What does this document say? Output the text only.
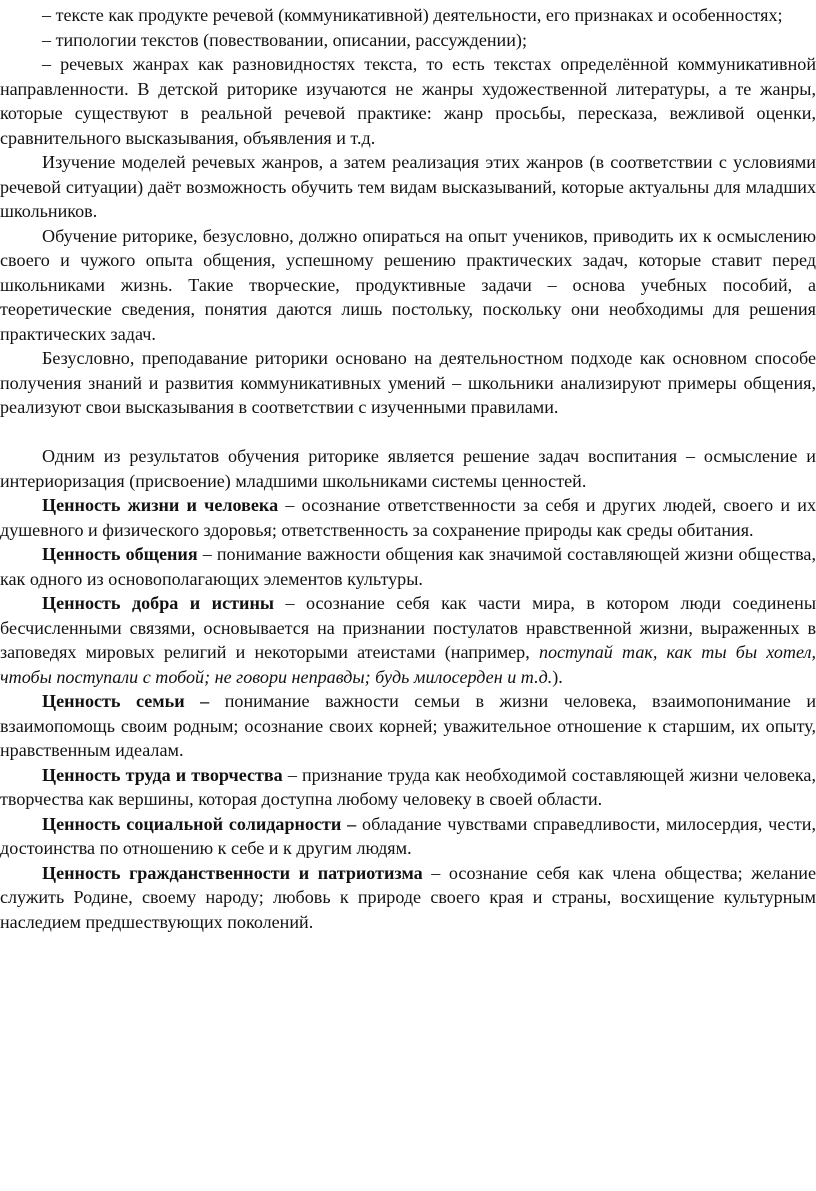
– тексте как продукте речевой (коммуникативной) деятельности, его признаках и особенностях;

– типологии текстов (повествовании, описании, рассуждении);

– речевых жанрах как разновидностях текста, то есть текстах определённой коммуникативной направленности. В детской риторике изучаются не жанры художественной литературы, а те жанры, которые существуют в реальной речевой практике: жанр просьбы, пересказа, вежливой оценки, сравнительного высказывания, объявления и т.д.

Изучение моделей речевых жанров, а затем реализация этих жанров (в соответствии с условиями речевой ситуации) даёт возможность обучить тем видам высказываний, которые актуальны для младших школьников.

Обучение риторике, безусловно, должно опираться на опыт учеников, приводить их к осмыслению своего и чужого опыта общения, успешному решению практических задач, которые ставит перед школьниками жизнь. Такие творческие, продуктивные задачи – основа учебных пособий, а теоретические сведения, понятия даются лишь постольку, поскольку они необходимы для решения практических задач.

Безусловно, преподавание риторики основано на деятельностном подходе как основном способе получения знаний и развития коммуникативных умений – школьники анализируют примеры общения, реализуют свои высказывания в соответствии с изученными правилами.

Одним из результатов обучения риторике является решение задач воспитания – осмысление и интериоризация (присвоение) младшими школьниками системы ценностей.

Ценность жизни и человека – осознание ответственности за себя и других людей, своего и их душевного и физического здоровья; ответственность за сохранение природы как среды обитания.

Ценность общения – понимание важности общения как значимой составляющей жизни общества, как одного из основополагающих элементов культуры.

Ценность добра и истины – осознание себя как части мира, в котором люди соединены бесчисленными связями, основывается на признании постулатов нравственной жизни, выраженных в заповедях мировых религий и некоторыми атеистами (например, поступай так, как ты бы хотел, чтобы поступали с тобой; не говори неправды; будь милосерден и т.д.).

Ценность семьи – понимание важности семьи в жизни человека, взаимопонимание и взаимопомощь своим родным; осознание своих корней; уважительное отношение к старшим, их опыту, нравственным идеалам.

Ценность труда и творчества – признание труда как необходимой составляющей жизни человека, творчества как вершины, которая доступна любому человеку в своей области.

Ценность социальной солидарности – обладание чувствами справедливости, милосердия, чести, достоинства по отношению к себе и к другим людям.

Ценность гражданственности и патриотизма – осознание себя как члена общества; желание служить Родине, своему народу; любовь к природе своего края и страны, восхищение культурным наследием предшествующих поколений.
